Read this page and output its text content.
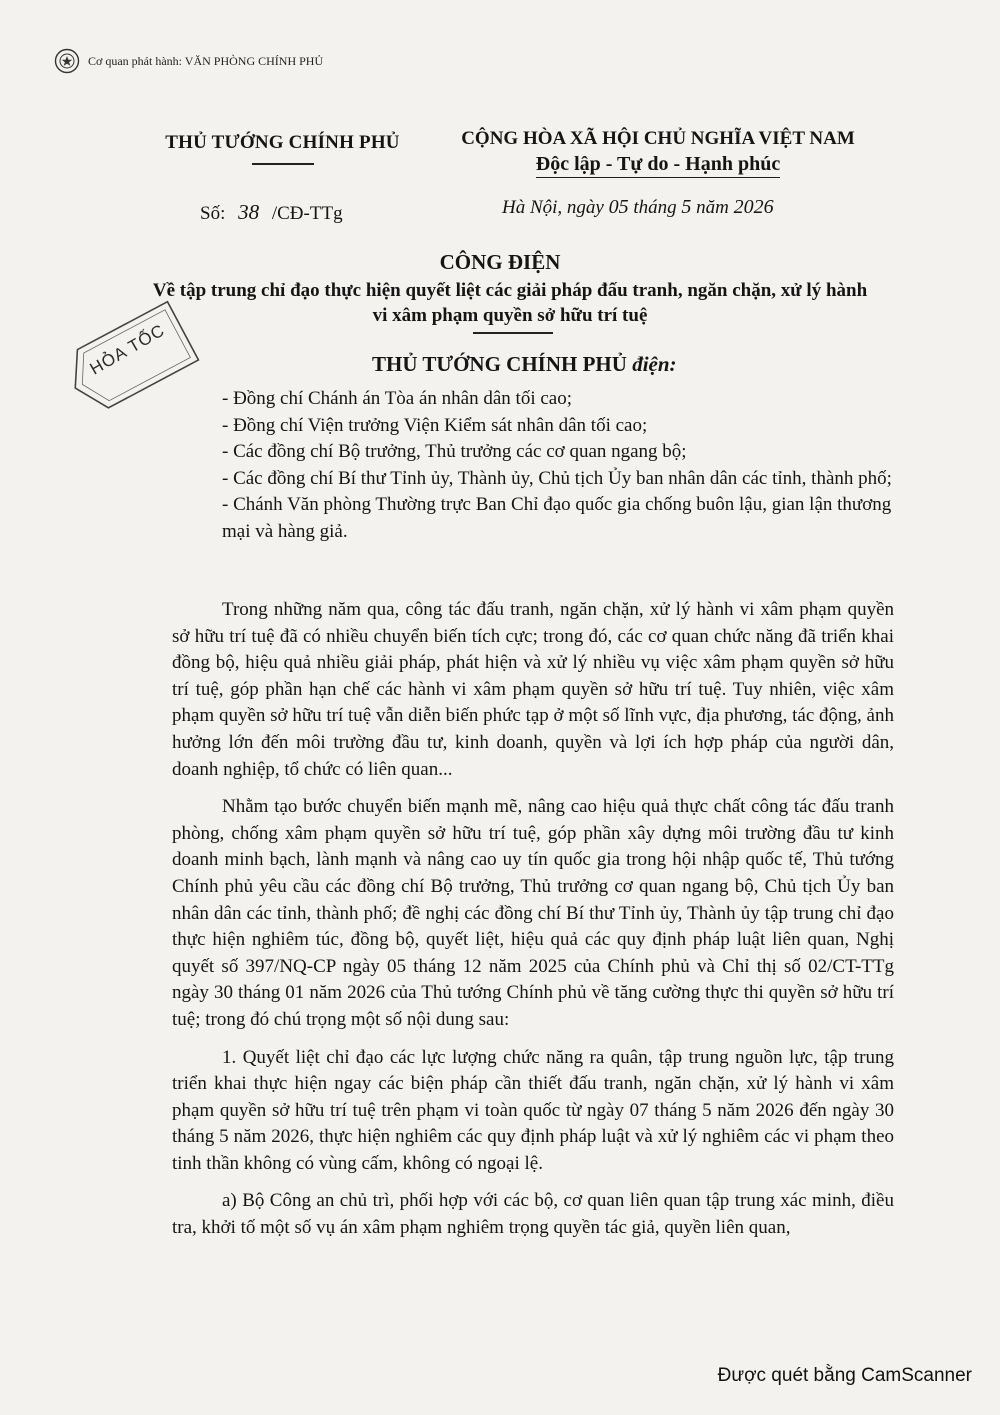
Cơ quan phát hành: VĂN PHÒNG CHÍNH PHỦ
THỦ TƯỚNG CHÍNH PHỦ	CỘNG HÒA XÃ HỘI CHỦ NGHĨA VIỆT NAM
Độc lập - Tự do - Hạnh phúc
Số: 38 /CĐ-TTg	Hà Nội, ngày 05 tháng 5 năm 2026
HỎA TỐC
CÔNG ĐIỆN
Về tập trung chỉ đạo thực hiện quyết liệt các giải pháp đấu tranh, ngăn chặn, xử lý hành vi xâm phạm quyền sở hữu trí tuệ
THỦ TƯỚNG CHÍNH PHỦ điện:
- Đồng chí Chánh án Tòa án nhân dân tối cao;
- Đồng chí Viện trưởng Viện Kiểm sát nhân dân tối cao;
- Các đồng chí Bộ trưởng, Thủ trưởng các cơ quan ngang bộ;
- Các đồng chí Bí thư Tỉnh ủy, Thành ủy, Chủ tịch Ủy ban nhân dân các tỉnh, thành phố;
- Chánh Văn phòng Thường trực Ban Chỉ đạo quốc gia chống buôn lậu, gian lận thương mại và hàng giả.

Trong những năm qua, công tác đấu tranh, ngăn chặn, xử lý hành vi xâm phạm quyền sở hữu trí tuệ đã có nhiều chuyển biến tích cực; trong đó, các cơ quan chức năng đã triển khai đồng bộ, hiệu quả nhiều giải pháp, phát hiện và xử lý nhiều vụ việc xâm phạm quyền sở hữu trí tuệ, góp phần hạn chế các hành vi xâm phạm quyền sở hữu trí tuệ. Tuy nhiên, việc xâm phạm quyền sở hữu trí tuệ vẫn diễn biến phức tạp ở một số lĩnh vực, địa phương, tác động, ảnh hưởng lớn đến môi trường đầu tư, kinh doanh, quyền và lợi ích hợp pháp của người dân, doanh nghiệp, tổ chức có liên quan...

Nhằm tạo bước chuyển biến mạnh mẽ, nâng cao hiệu quả thực chất công tác đấu tranh phòng, chống xâm phạm quyền sở hữu trí tuệ, góp phần xây dựng môi trường đầu tư kinh doanh minh bạch, lành mạnh và nâng cao uy tín quốc gia trong hội nhập quốc tế, Thủ tướng Chính phủ yêu cầu các đồng chí Bộ trưởng, Thủ trưởng cơ quan ngang bộ, Chủ tịch Ủy ban nhân dân các tỉnh, thành phố; đề nghị các đồng chí Bí thư Tỉnh ủy, Thành ủy tập trung chỉ đạo thực hiện nghiêm túc, đồng bộ, quyết liệt, hiệu quả các quy định pháp luật liên quan, Nghị quyết số 397/NQ-CP ngày 05 tháng 12 năm 2025 của Chính phủ và Chỉ thị số 02/CT-TTg ngày 30 tháng 01 năm 2026 của Thủ tướng Chính phủ về tăng cường thực thi quyền sở hữu trí tuệ; trong đó chú trọng một số nội dung sau:

1. Quyết liệt chỉ đạo các lực lượng chức năng ra quân, tập trung nguồn lực, tập trung triển khai thực hiện ngay các biện pháp cần thiết đấu tranh, ngăn chặn, xử lý hành vi xâm phạm quyền sở hữu trí tuệ trên phạm vi toàn quốc từ ngày 07 tháng 5 năm 2026 đến ngày 30 tháng 5 năm 2026, thực hiện nghiêm các quy định pháp luật và xử lý nghiêm các vi phạm theo tinh thần không có vùng cấm, không có ngoại lệ.

a) Bộ Công an chủ trì, phối hợp với các bộ, cơ quan liên quan tập trung xác minh, điều tra, khởi tố một số vụ án xâm phạm nghiêm trọng quyền tác giả, quyền liên quan,

Được quét bằng CamScanner
